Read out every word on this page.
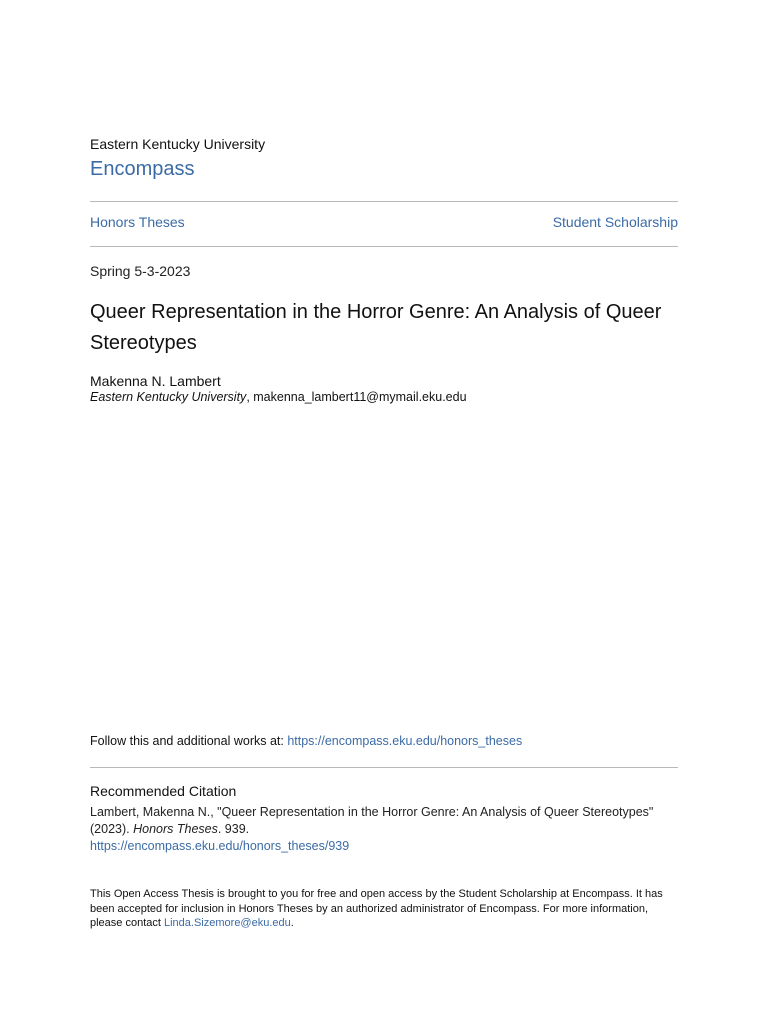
Eastern Kentucky University
Encompass
Honors Theses	Student Scholarship
Spring 5-3-2023
Queer Representation in the Horror Genre: An Analysis of Queer Stereotypes
Makenna N. Lambert
Eastern Kentucky University, makenna_lambert11@mymail.eku.edu
Follow this and additional works at: https://encompass.eku.edu/honors_theses
Recommended Citation
Lambert, Makenna N., "Queer Representation in the Horror Genre: An Analysis of Queer Stereotypes" (2023). Honors Theses. 939.
https://encompass.eku.edu/honors_theses/939
This Open Access Thesis is brought to you for free and open access by the Student Scholarship at Encompass. It has been accepted for inclusion in Honors Theses by an authorized administrator of Encompass. For more information, please contact Linda.Sizemore@eku.edu.
